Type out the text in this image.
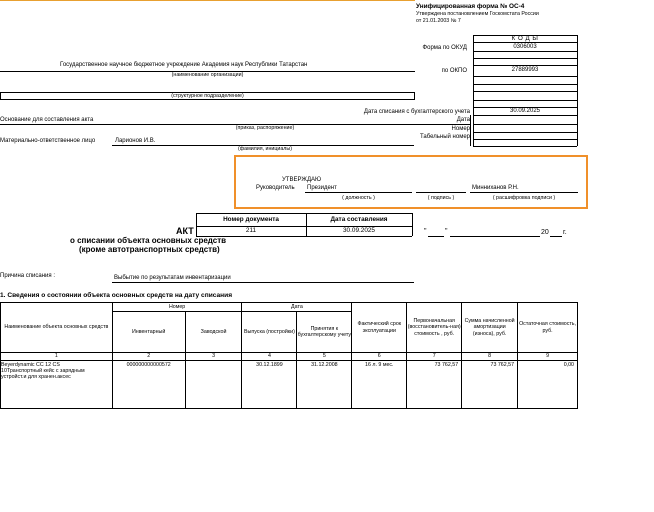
Унифицированная форма № ОС-4
Утверждена постановлением Госкомстата России
от 21.01.2003 № 7
К О Д Ы
Форма по ОКУД	0306003
по ОКПО	27889993
Дата списания с бухгалтерского учета	30.09.2025
Дата
Номер
Табельный номер
Государственное научное бюджетное учреждение Академия наук Республики Татарстан
(наименование организации)
(структурное подразделение)
Основание для составления акта
(приказ, распоряжение)
Материально-ответственное лицо	Ларионов И.В.
(фамилия, инициалы)
УТВЕРЖДАЮ
Руководитель Президент	Минниханов Р.Н.
( должность )	( подпись )	( расшифровка подписи )
АКТ
о списании объекта основных средств
(кроме автотранспортных средств)
Номер документа	Дата составления
211	30.09.2025	"	"	20 г.
Причина списания :	Выбытие по результатам инвентаризации
1. Сведения о состоянии объекта основных средств на дату списания
Наименование объекта основных средств	Номер		Дата		Фактический срок эксплуатации	Первоначальная (восстановитель-ная) стоимость , руб.	Сумма начисленной амортизации (износа), руб.	Остаточная стоимость, руб.
	Инвентарный	Заводской	Выпуска (постройки)	Принятия к бухгалтерскому учету				
1	2	3	4	5	6	7	8	9

Beyerdynamic CC 12 CS
10Транспортный кейс с зарядным
устройст.и для хранен.аксес	000000000000572		30.12.1899	31.12.2008	16 л. 9 мес.	73 762,57	73 762,57	0,00
